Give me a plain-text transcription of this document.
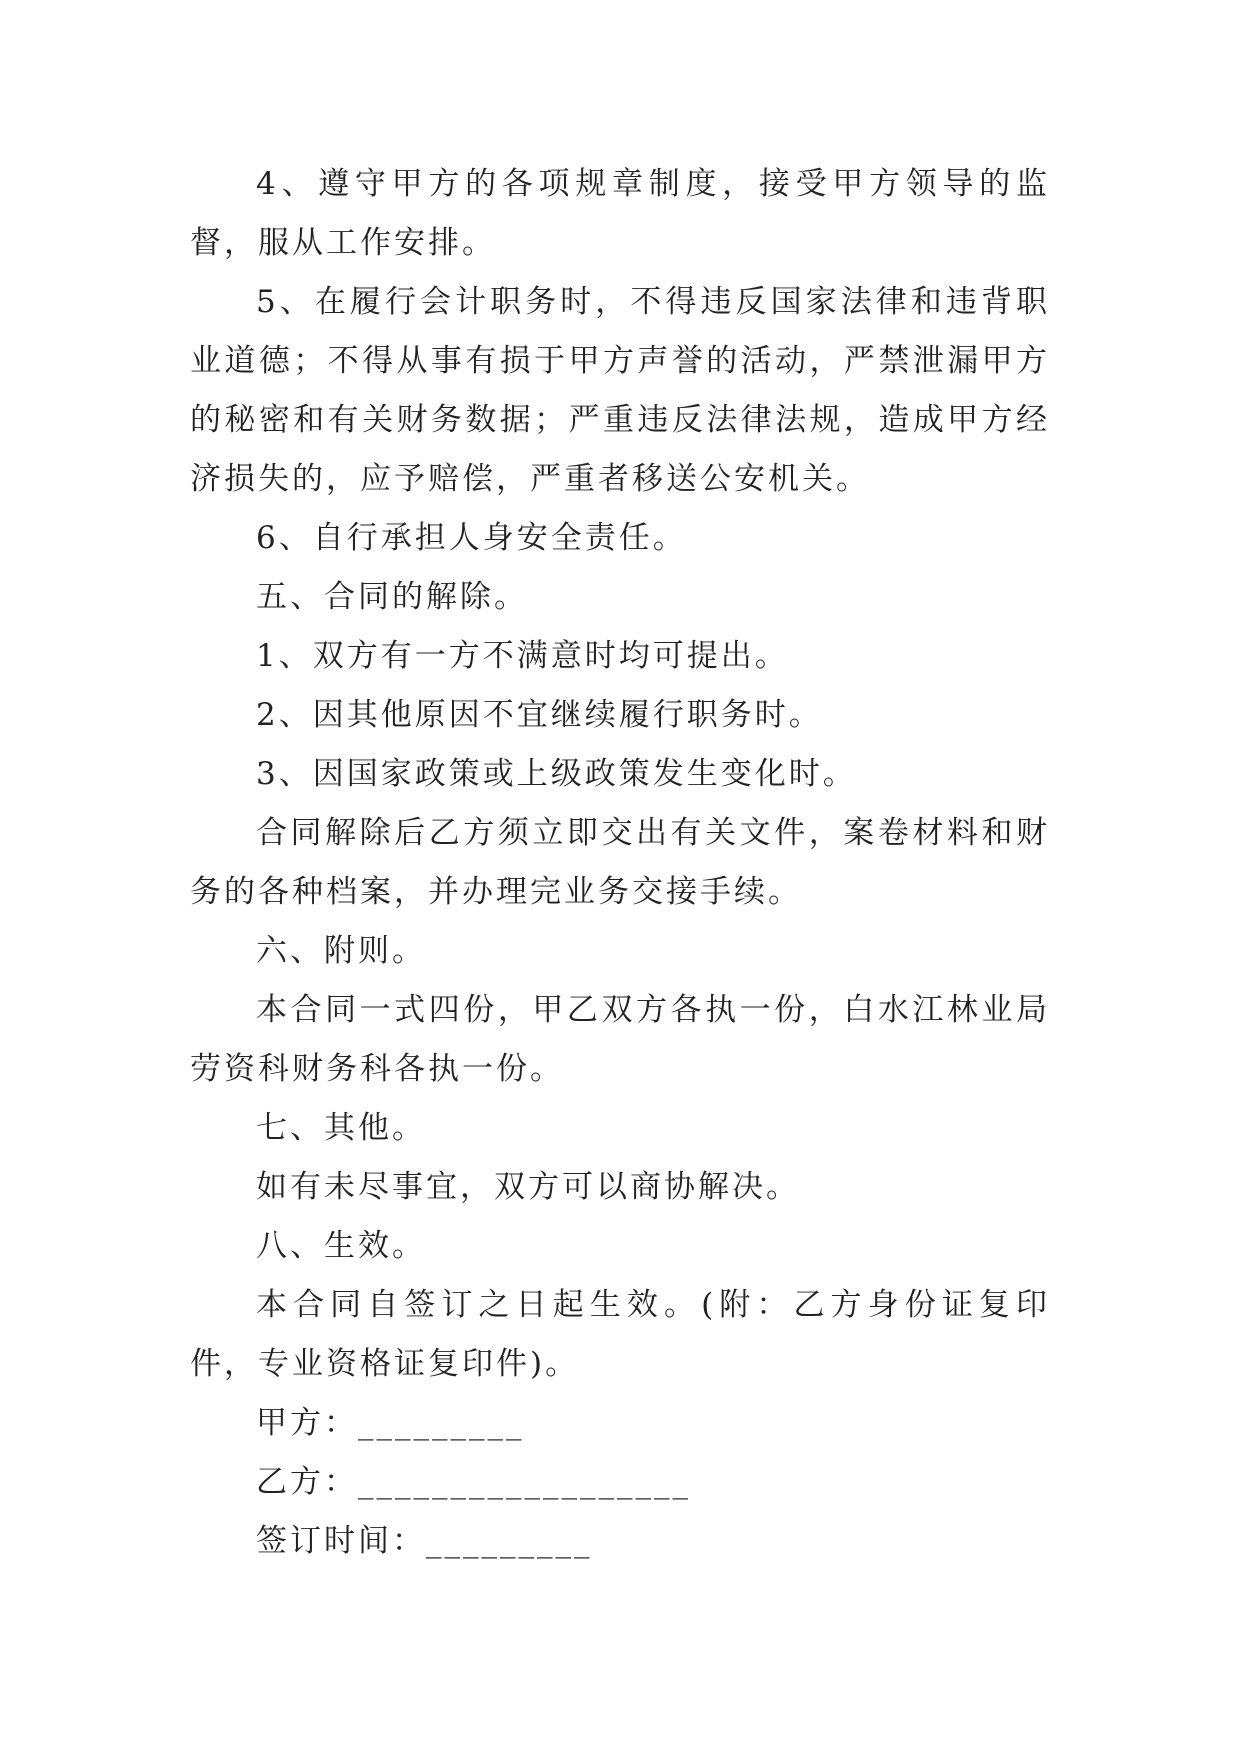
4、遵守甲方的各项规章制度，接受甲方领导的监督，服从工作安排。

5、在履行会计职务时，不得违反国家法律和违背职业道德；不得从事有损于甲方声誉的活动，严禁泄漏甲方的秘密和有关财务数据；严重违反法律法规，造成甲方经济损失的，应予赔偿，严重者移送公安机关。

6、自行承担人身安全责任。

五、合同的解除。

1、双方有一方不满意时均可提出。

2、因其他原因不宜继续履行职务时。

3、因国家政策或上级政策发生变化时。

合同解除后乙方须立即交出有关文件，案卷材料和财务的各种档案，并办理完业务交接手续。

六、附则。

本合同一式四份，甲乙双方各执一份，白水江林业局劳资科财务科各执一份。

七、其他。

如有未尽事宜，双方可以商协解决。

八、生效。

本合同自签订之日起生效。(附：乙方身份证复印件，专业资格证复印件)。

甲方：_________

乙方：__________________

签订时间：_________
